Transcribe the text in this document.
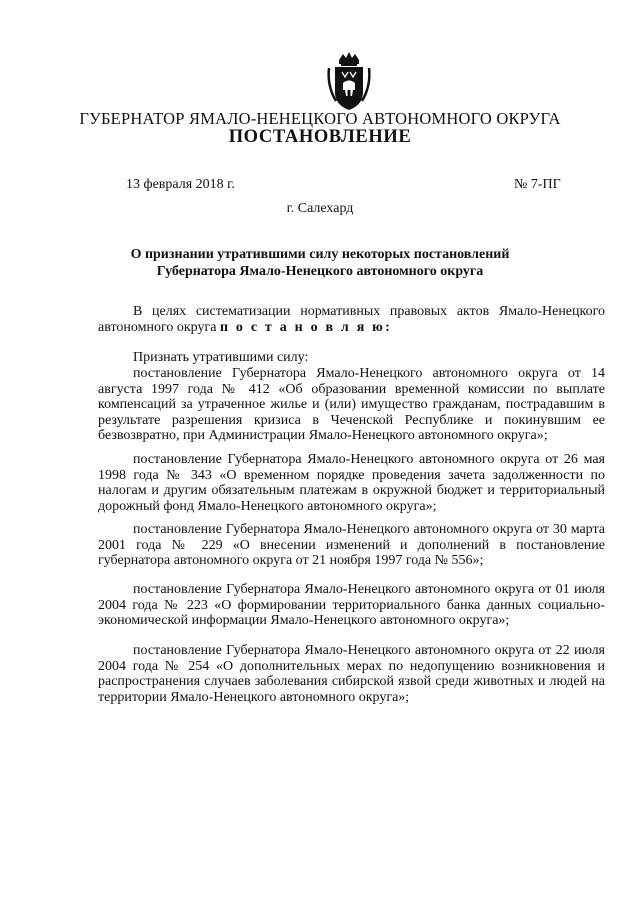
ГУБЕРНАТОР ЯМАЛО-НЕНЕЦКОГО АВТОНОМНОГО ОКРУГА
ПОСТАНОВЛЕНИЕ
13 февраля 2018 г.	№ 7-ПГ
г. Салехард
О признании утратившими силу некоторых постановлений
Губернатора Ямало-Ненецкого автономного округа

В целях систематизации нормативных правовых актов Ямало-Ненецкого автономного округа п о с т а н о в л я ю:

Признать утратившими силу:

постановление Губернатора Ямало-Ненецкого автономного округа от 14 августа 1997 года № 412 «Об образовании временной комиссии по выплате компенсаций за утраченное жилье и (или) имущество гражданам, пострадавшим в результате разрешения кризиса в Чеченской Республике и покинувшим ее безвозвратно, при Администрации Ямало-Ненецкого автономного округа»;

постановление Губернатора Ямало-Ненецкого автономного округа от 26 мая 1998 года № 343 «О временном порядке проведения зачета задолженности по налогам и другим обязательным платежам в окружной бюджет и территориальный дорожный фонд Ямало-Ненецкого автономного округа»;

постановление Губернатора Ямало-Ненецкого автономного округа от 30 марта 2001 года № 229 «О внесении изменений и дополнений в постановление губернатора автономного округа от 21 ноября 1997 года № 556»;

постановление Губернатора Ямало-Ненецкого автономного округа от 01 июля 2004 года № 223 «О формировании территориального банка данных социально-экономической информации Ямало-Ненецкого автономного округа»;

постановление Губернатора Ямало-Ненецкого автономного округа от 22 июля 2004 года № 254 «О дополнительных мерах по недопущению возникновения и распространения случаев заболевания сибирской язвой среди животных и людей на территории Ямало-Ненецкого автономного округа»;
